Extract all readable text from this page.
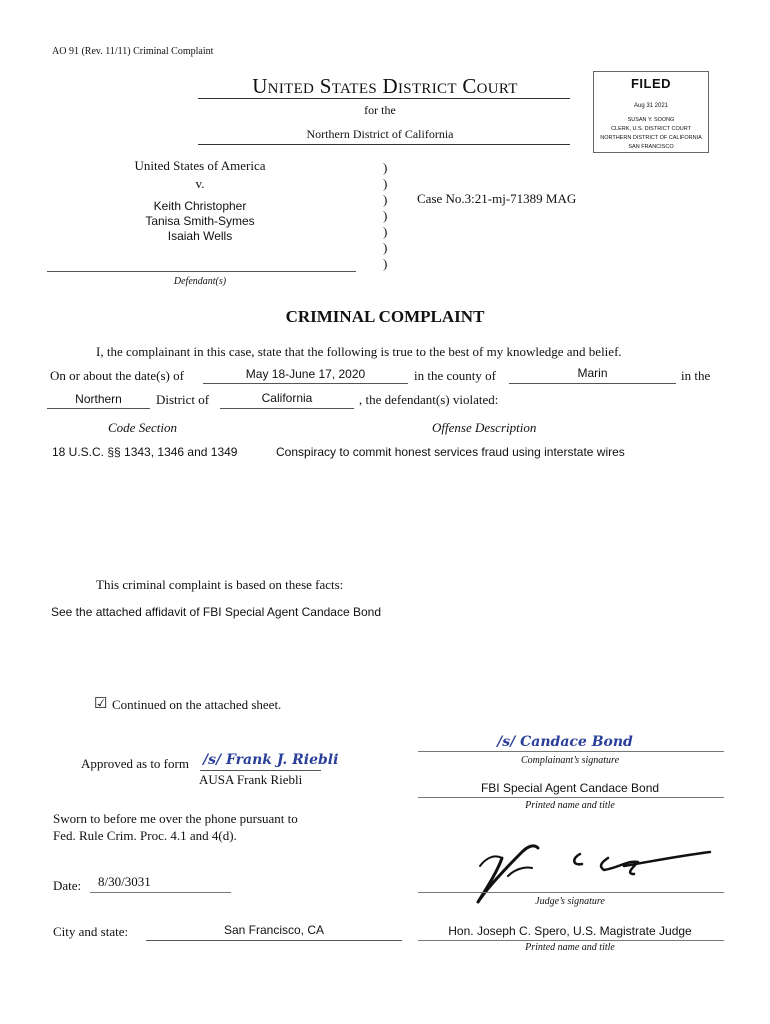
AO 91 (Rev. 11/11) Criminal Complaint
United States District Court
for the
Northern District of California
FILED
Aug 31 2021
SUSAN Y. SOONG
CLERK, U.S. DISTRICT COURT
NORTHERN DISTRICT OF CALIFORNIA
SAN FRANCISCO
United States of America
v.
Keith Christopher
Tanisa Smith-Symes
Isaiah Wells
Defendant(s)
)
)
)
)
)
)
)
Case No.3:21-mj-71389 MAG
CRIMINAL COMPLAINT
I, the complainant in this case, state that the following is true to the best of my knowledge and belief.
On or about the date(s) of	May 18-June 17, 2020	in the county of	Marin	in the
Northern	District of	California	, the defendant(s) violated:
Code Section	Offense Description
18 U.S.C. §§ 1343, 1346 and 1349	Conspiracy to commit honest services fraud using interstate wires
This criminal complaint is based on these facts:
See the attached affidavit of FBI Special Agent Candace Bond
☑ Continued on the attached sheet.
Approved as to form /s/ Frank J. Riebli
AUSA Frank Riebli
/s/ Candace Bond
Complainant’s signature
FBI Special Agent Candace Bond
Printed name and title
Sworn to before me over the phone pursuant to
Fed. Rule Crim. Proc. 4.1 and 4(d).
Date: 8/30/3031
Judge’s signature
City and state:	San Francisco, CA	Hon. Joseph C. Spero, U.S. Magistrate Judge
Printed name and title
